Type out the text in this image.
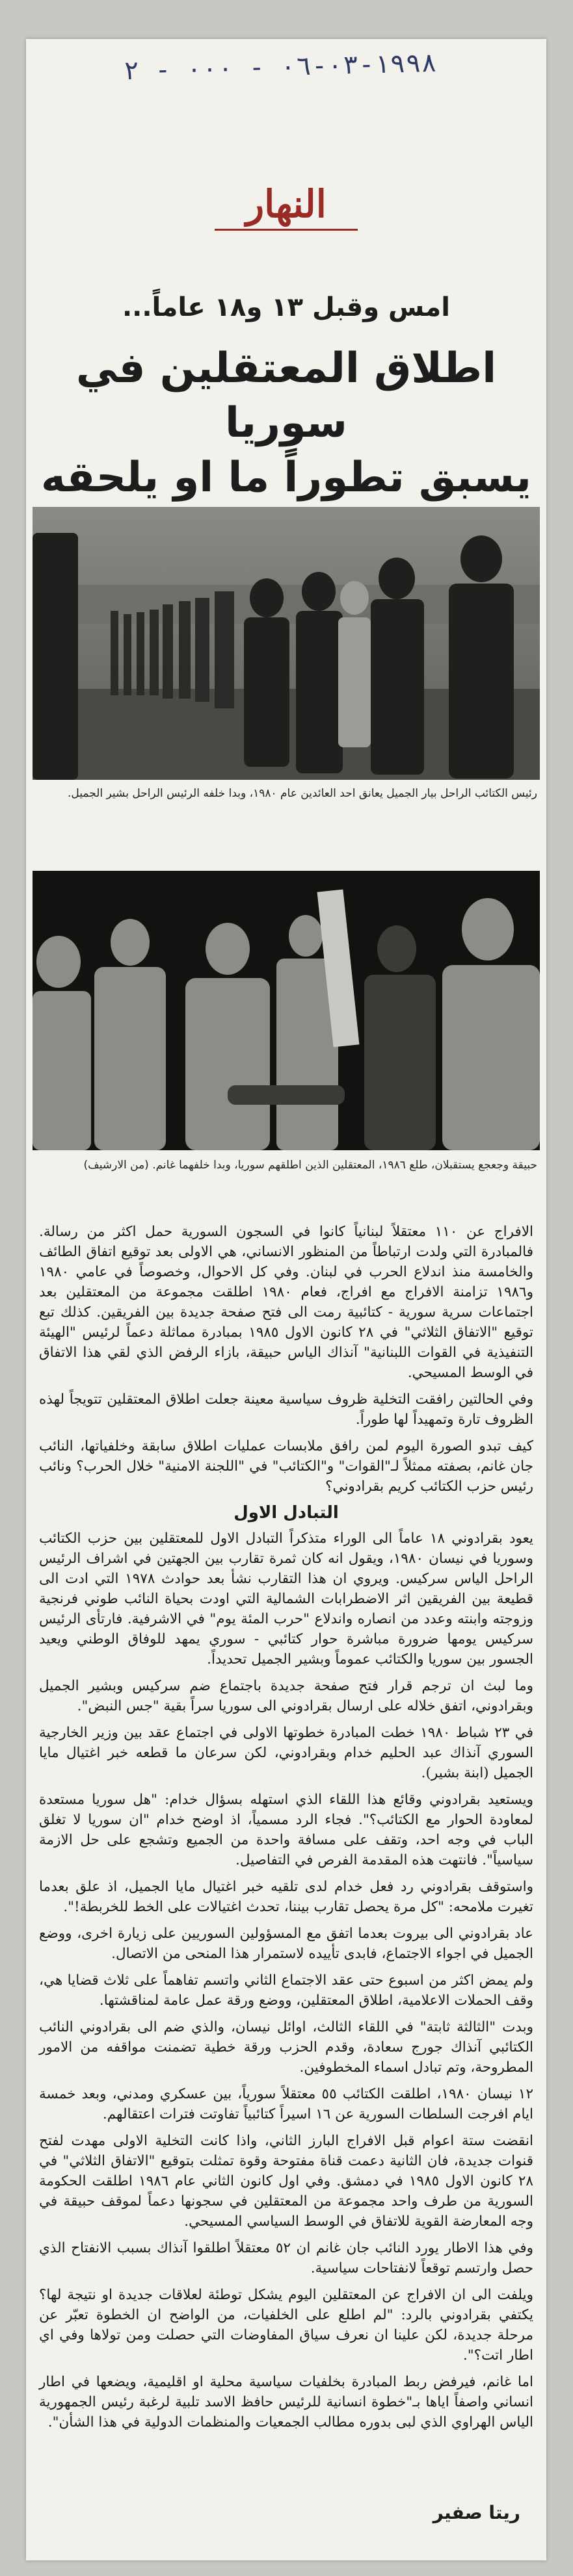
١٩٩٨-٠٣-٠٦ - ٠٠٠ - ٢
النهار
امس وقبل ١٣ و١٨ عاماً...
اطلاق المعتقلين في سوريا
يسبق تطوراً ما او يلحقه
رئيس الكتائب الراحل بيار الجميل يعانق احد العائدين عام ١٩٨٠، وبدا خلفه الرئيس الراحل بشير الجميل.
حبيقة وجعجع يستقبلان، طلع ١٩٨٦، المعتقلين الذين اطلقهم سوريا، وبدا خلفهما غانم. (من الارشيف)

الافراج عن ١١٠ معتقلاً لبنانياً كانوا في السجون السورية حمل اكثر من رسالة. فالمبادرة التي ولدت ارتباطاً من المنظور الانساني، هي الاولى بعد توقيع اتفاق الطائف والخامسة منذ اندلاع الحرب في لبنان. وفي كل الاحوال، وخصوصاً في عامي ١٩٨٠ و١٩٨٦ تزامنة الافراج مع افراج، فعام ١٩٨٠ اطلقت مجموعة من المعتقلين بعد اجتماعات سرية سورية - كتائبية رمت الى فتح صفحة جديدة بين الفريقين. كذلك تبع توقيع "الاتفاق الثلاثي" في ٢٨ كانون الاول ١٩٨٥ بمبادرة مماثلة دعماً لرئيس "الهيئة التنفيذية في القوات اللبنانية" آنذاك الياس حبيقة، بازاء الرفض الذي لقي هذا الاتفاق في الوسط المسيحي.

وفي الحالتين رافقت التخلية ظروف سياسية معينة جعلت اطلاق المعتقلين تتويجاً لهذه الظروف تارة وتمهيداً لها طوراً.

كيف تبدو الصورة اليوم لمن رافق ملابسات عمليات اطلاق سابقة وخلفياتها، النائب جان غانم، بصفته ممثلاً لـ"القوات" و"الكتائب" في "اللجنة الامنية" خلال الحرب؟ ونائب رئيس حزب الكتائب كريم بقرادوني؟

التبادل الاول

يعود بقرادوني ١٨ عاماً الى الوراء متذكراً التبادل الاول للمعتقلين بين حزب الكتائب وسوريا في نيسان ١٩٨٠، ويقول انه كان ثمرة تقارب بين الجهتين في اشراف الرئيس الراحل الياس سركيس. ويروي ان هذا التقارب نشأ بعد حوادث ١٩٧٨ التي ادت الى قطيعة بين الفريقين اثر الاضطرابات الشمالية التي اودت بحياة النائب طوني فرنجية وزوجته وابنته وعدد من انصاره واندلاع "حرب المئة يوم" في الاشرفية. فارتأى الرئيس سركيس يومها ضرورة مباشرة حوار كتائبي - سوري يمهد للوفاق الوطني ويعيد الجسور بين سوريا والكتائب عموماً وبشير الجميل تحديداً.

وما لبث ان ترجم قرار فتح صفحة جديدة باجتماع ضم سركيس وبشير الجميل وبقرادوني، اتفق خلاله على ارسال بقرادوني الى سوريا سراً بقية "جس النبض".

في ٢٣ شباط ١٩٨٠ خطت المبادرة خطوتها الاولى في اجتماع عقد بين وزير الخارجية السوري آنذاك عبد الحليم خدام وبقرادوني، لكن سرعان ما قطعه خبر اغتيال مايا الجميل (ابنة بشير).

ويستعيد بقرادوني وقائع هذا اللقاء الذي استهله بسؤال خدام: "هل سوريا مستعدة لمعاودة الحوار مع الكتائب؟". فجاء الرد مسمياً، اذ اوضح خدام "ان سوريا لا تغلق الباب في وجه احد، وتقف على مسافة واحدة من الجميع وتشجع على حل الازمة سياسياً". فانتهت هذه المقدمة الفرص في التفاصيل.

واستوقف بقرادوني رد فعل خدام لدى تلقيه خبر اغتيال مايا الجميل، اذ علق بعدما تغيرت ملامحه: "كل مرة يحصل تقارب بيننا، تحدث اغتيالات على الخط للخربطة!".

عاد بقرادوني الى بيروت بعدما اتفق مع المسؤولين السوريين على زيارة اخرى، ووضع الجميل في اجواء الاجتماع، فابدى تأييده لاستمرار هذا المنحى من الاتصال.

ولم يمض اكثر من اسبوع حتى عقد الاجتماع الثاني واتسم تفاهماً على ثلاث قضايا هي، وقف الحملات الاعلامية، اطلاق المعتقلين، ووضع ورقة عمل عامة لمناقشتها.

وبدت "الثالثة ثابتة" في اللقاء الثالث، اوائل نيسان، والذي ضم الى بقرادوني النائب الكتائبي آنذاك جورج سعادة، وقدم الحزب ورقة خطية تضمنت مواقفه من الامور المطروحة، وتم تبادل اسماء المخطوفين.

١٢ نيسان ١٩٨٠، اطلقت الكتائب ٥٥ معتقلاً سورياً، بين عسكري ومدني، وبعد خمسة ايام افرجت السلطات السورية عن ١٦ اسيراً كتائبياً تفاوتت فترات اعتقالهم.

انقضت ستة اعوام قبل الافراج البارز الثاني، واذا كانت التخلية الاولى مهدت لفتح قنوات جديدة، فان الثانية دعمت قناة مفتوحة وقوة تمثلت بتوقيع "الاتفاق الثلاثي" في ٢٨ كانون الاول ١٩٨٥ في دمشق. وفي اول كانون الثاني عام ١٩٨٦ اطلقت الحكومة السورية من طرف واحد مجموعة من المعتقلين في سجونها دعماً لموقف حبيقة في وجه المعارضة القوية للاتفاق في الوسط السياسي المسيحي.

وفي هذا الاطار يورد النائب جان غانم ان ٥٢ معتقلاً اطلقوا آنذاك بسبب الانفتاح الذي حصل وارتسم توقعاً لانفتاحات سياسية.

ويلفت الى ان الافراج عن المعتقلين اليوم يشكل توطئة لعلاقات جديدة او نتيجة لها؟ يكتفي بقرادوني بالرد: "لم اطلع على الخلفيات، من الواضح ان الخطوة تعبّر عن مرحلة جديدة، لكن علينا ان نعرف سياق المفاوضات التي حصلت ومن تولاها وفي اي اطار اتت؟".

اما غانم، فيرفض ربط المبادرة بخلفيات سياسية محلية او اقليمية، ويضعها في اطار انساني واصفاً اياها بـ"خطوة انسانية للرئيس حافظ الاسد تلبية لرغبة رئيس الجمهورية الياس الهراوي الذي لبى بدوره مطالب الجمعيات والمنظمات الدولية في هذا الشأن".

ريتا صفير
